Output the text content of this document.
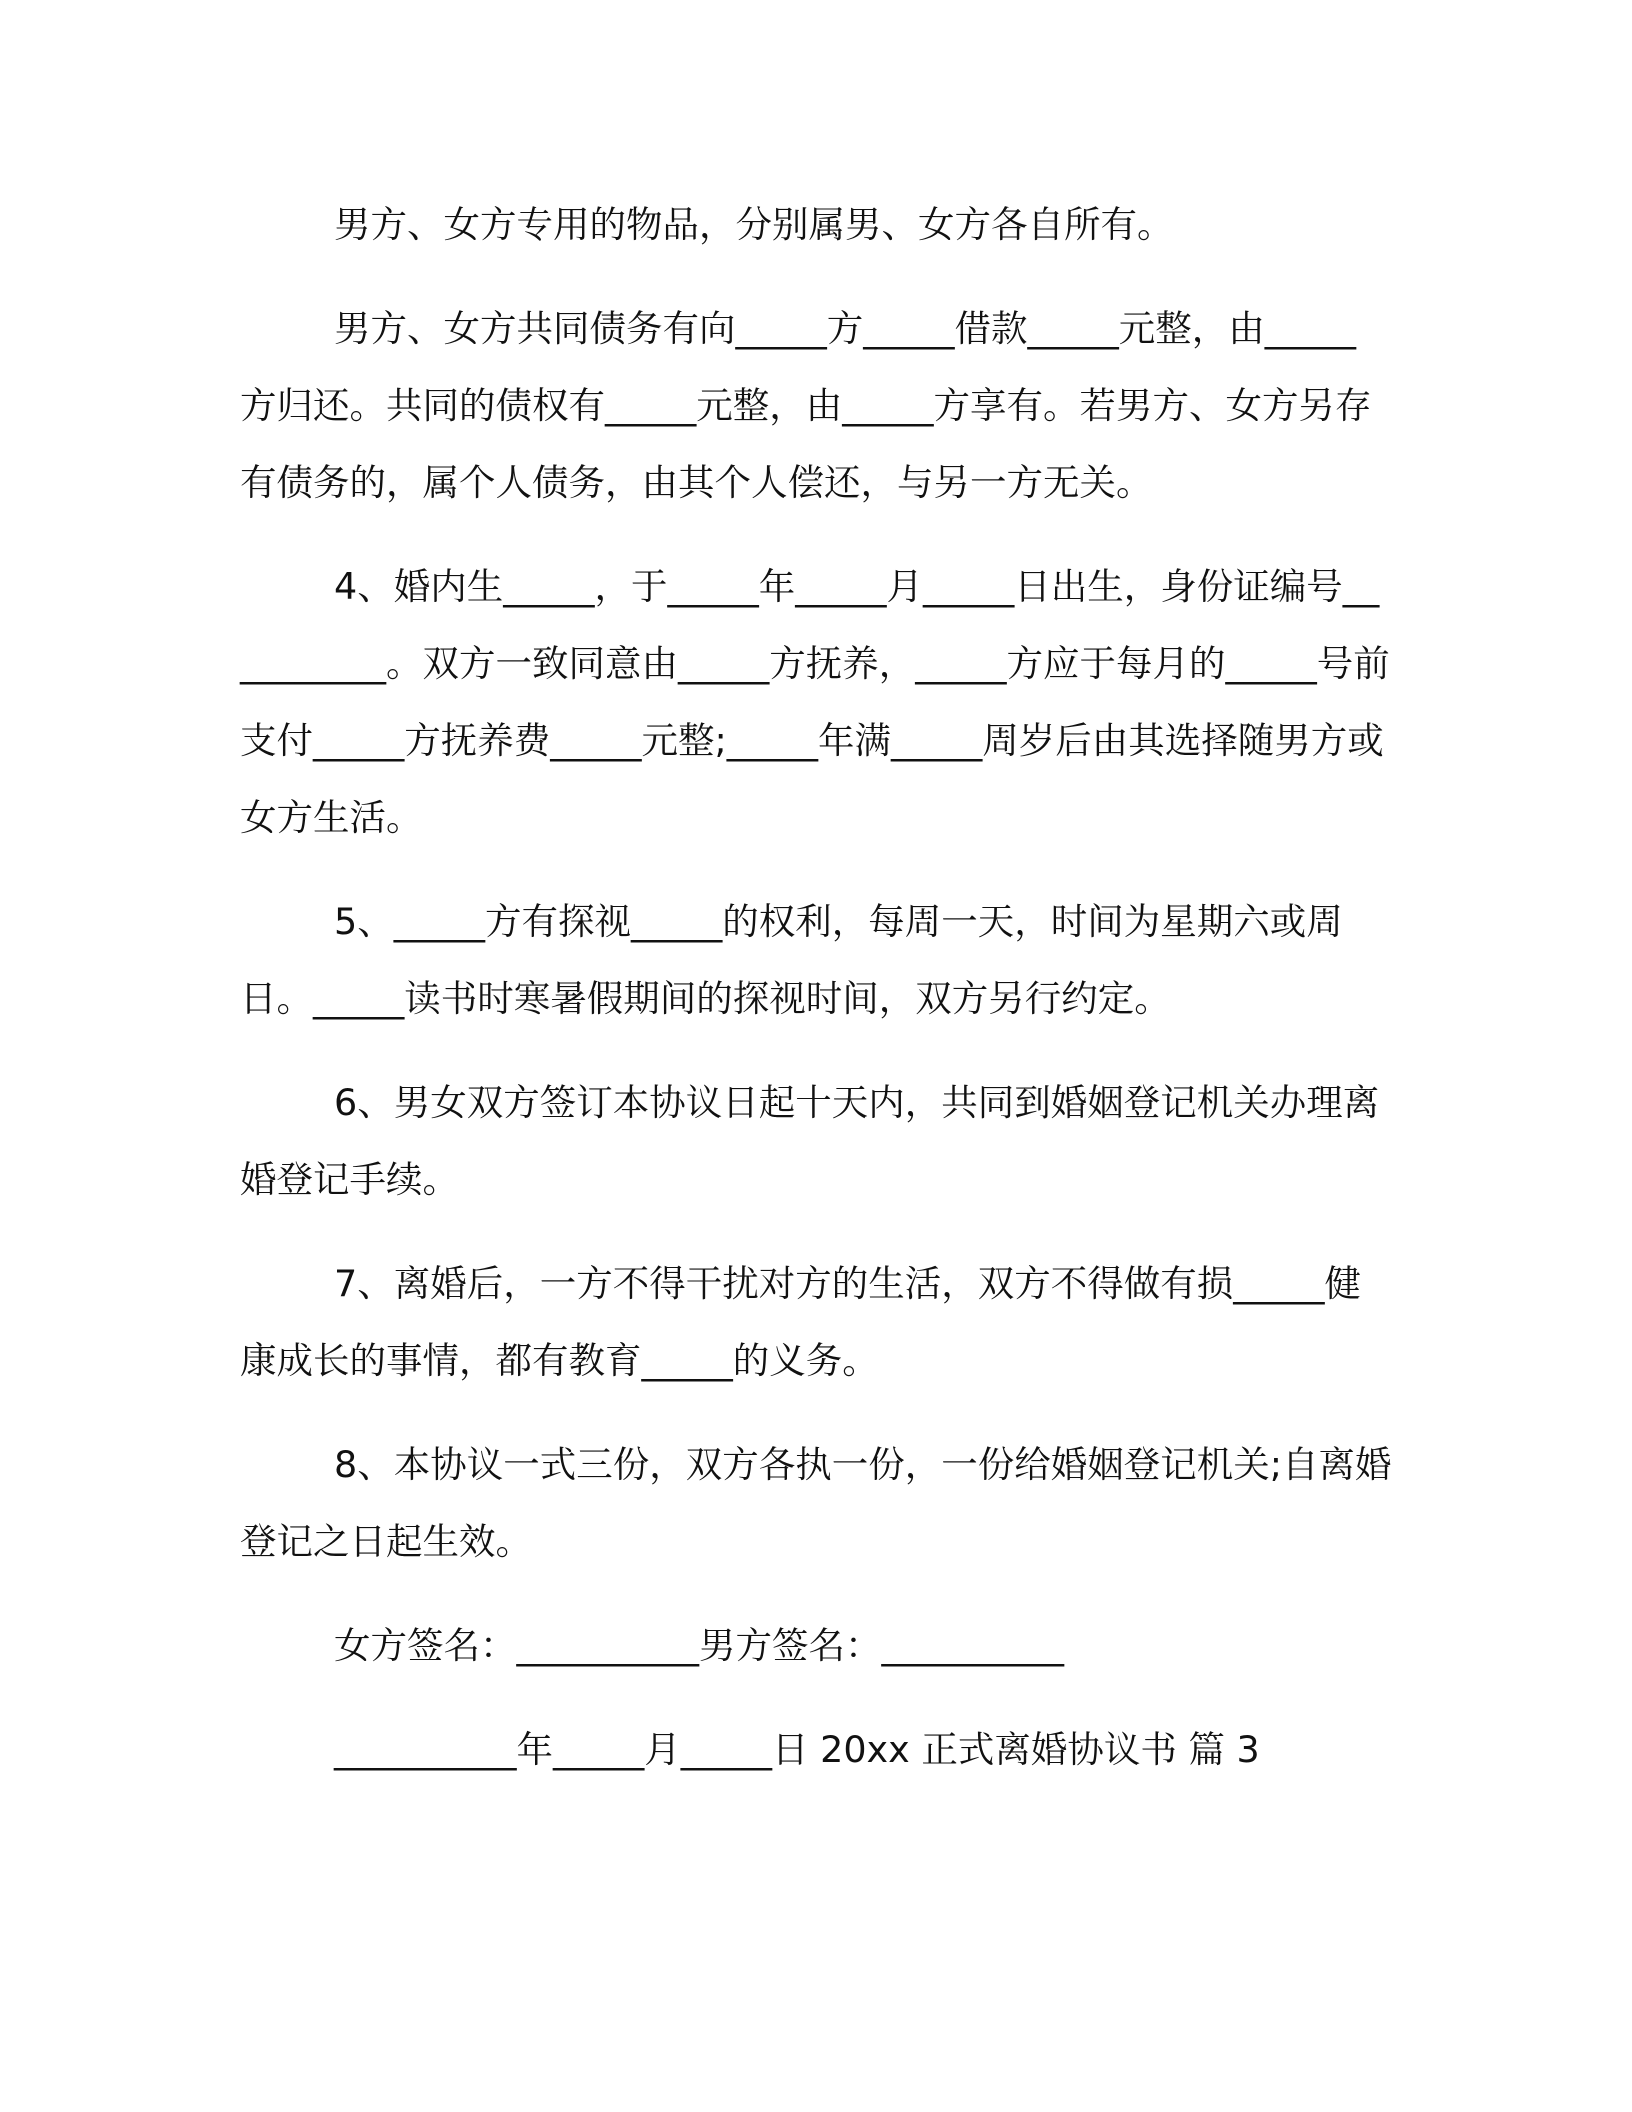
男方、女方专用的物品，分别属男、女方各自所有。

男方、女方共同债务有向_____方_____借款_____元整，由_____方归还。共同的债权有_____元整，由_____方享有。若男方、女方另存有债务的，属个人债务，由其个人偿还，与另一方无关。

4、婚内生_____，于_____年_____月_____日出生，身份证编号__________。双方一致同意由_____方抚养，_____方应于每月的_____号前支付_____方抚养费_____元整;_____年满_____周岁后由其选择随男方或女方生活。

5、_____方有探视_____的权利，每周一天，时间为星期六或周日。_____读书时寒暑假期间的探视时间，双方另行约定。

6、男女双方签订本协议日起十天内，共同到婚姻登记机关办理离婚登记手续。

7、离婚后，一方不得干扰对方的生活，双方不得做有损_____健康成长的事情，都有教育_____的义务。

8、本协议一式三份，双方各执一份，一份给婚姻登记机关;自离婚登记之日起生效。

女方签名：__________男方签名：__________

__________年_____月_____日 20xx 正式离婚协议书 篇 3
